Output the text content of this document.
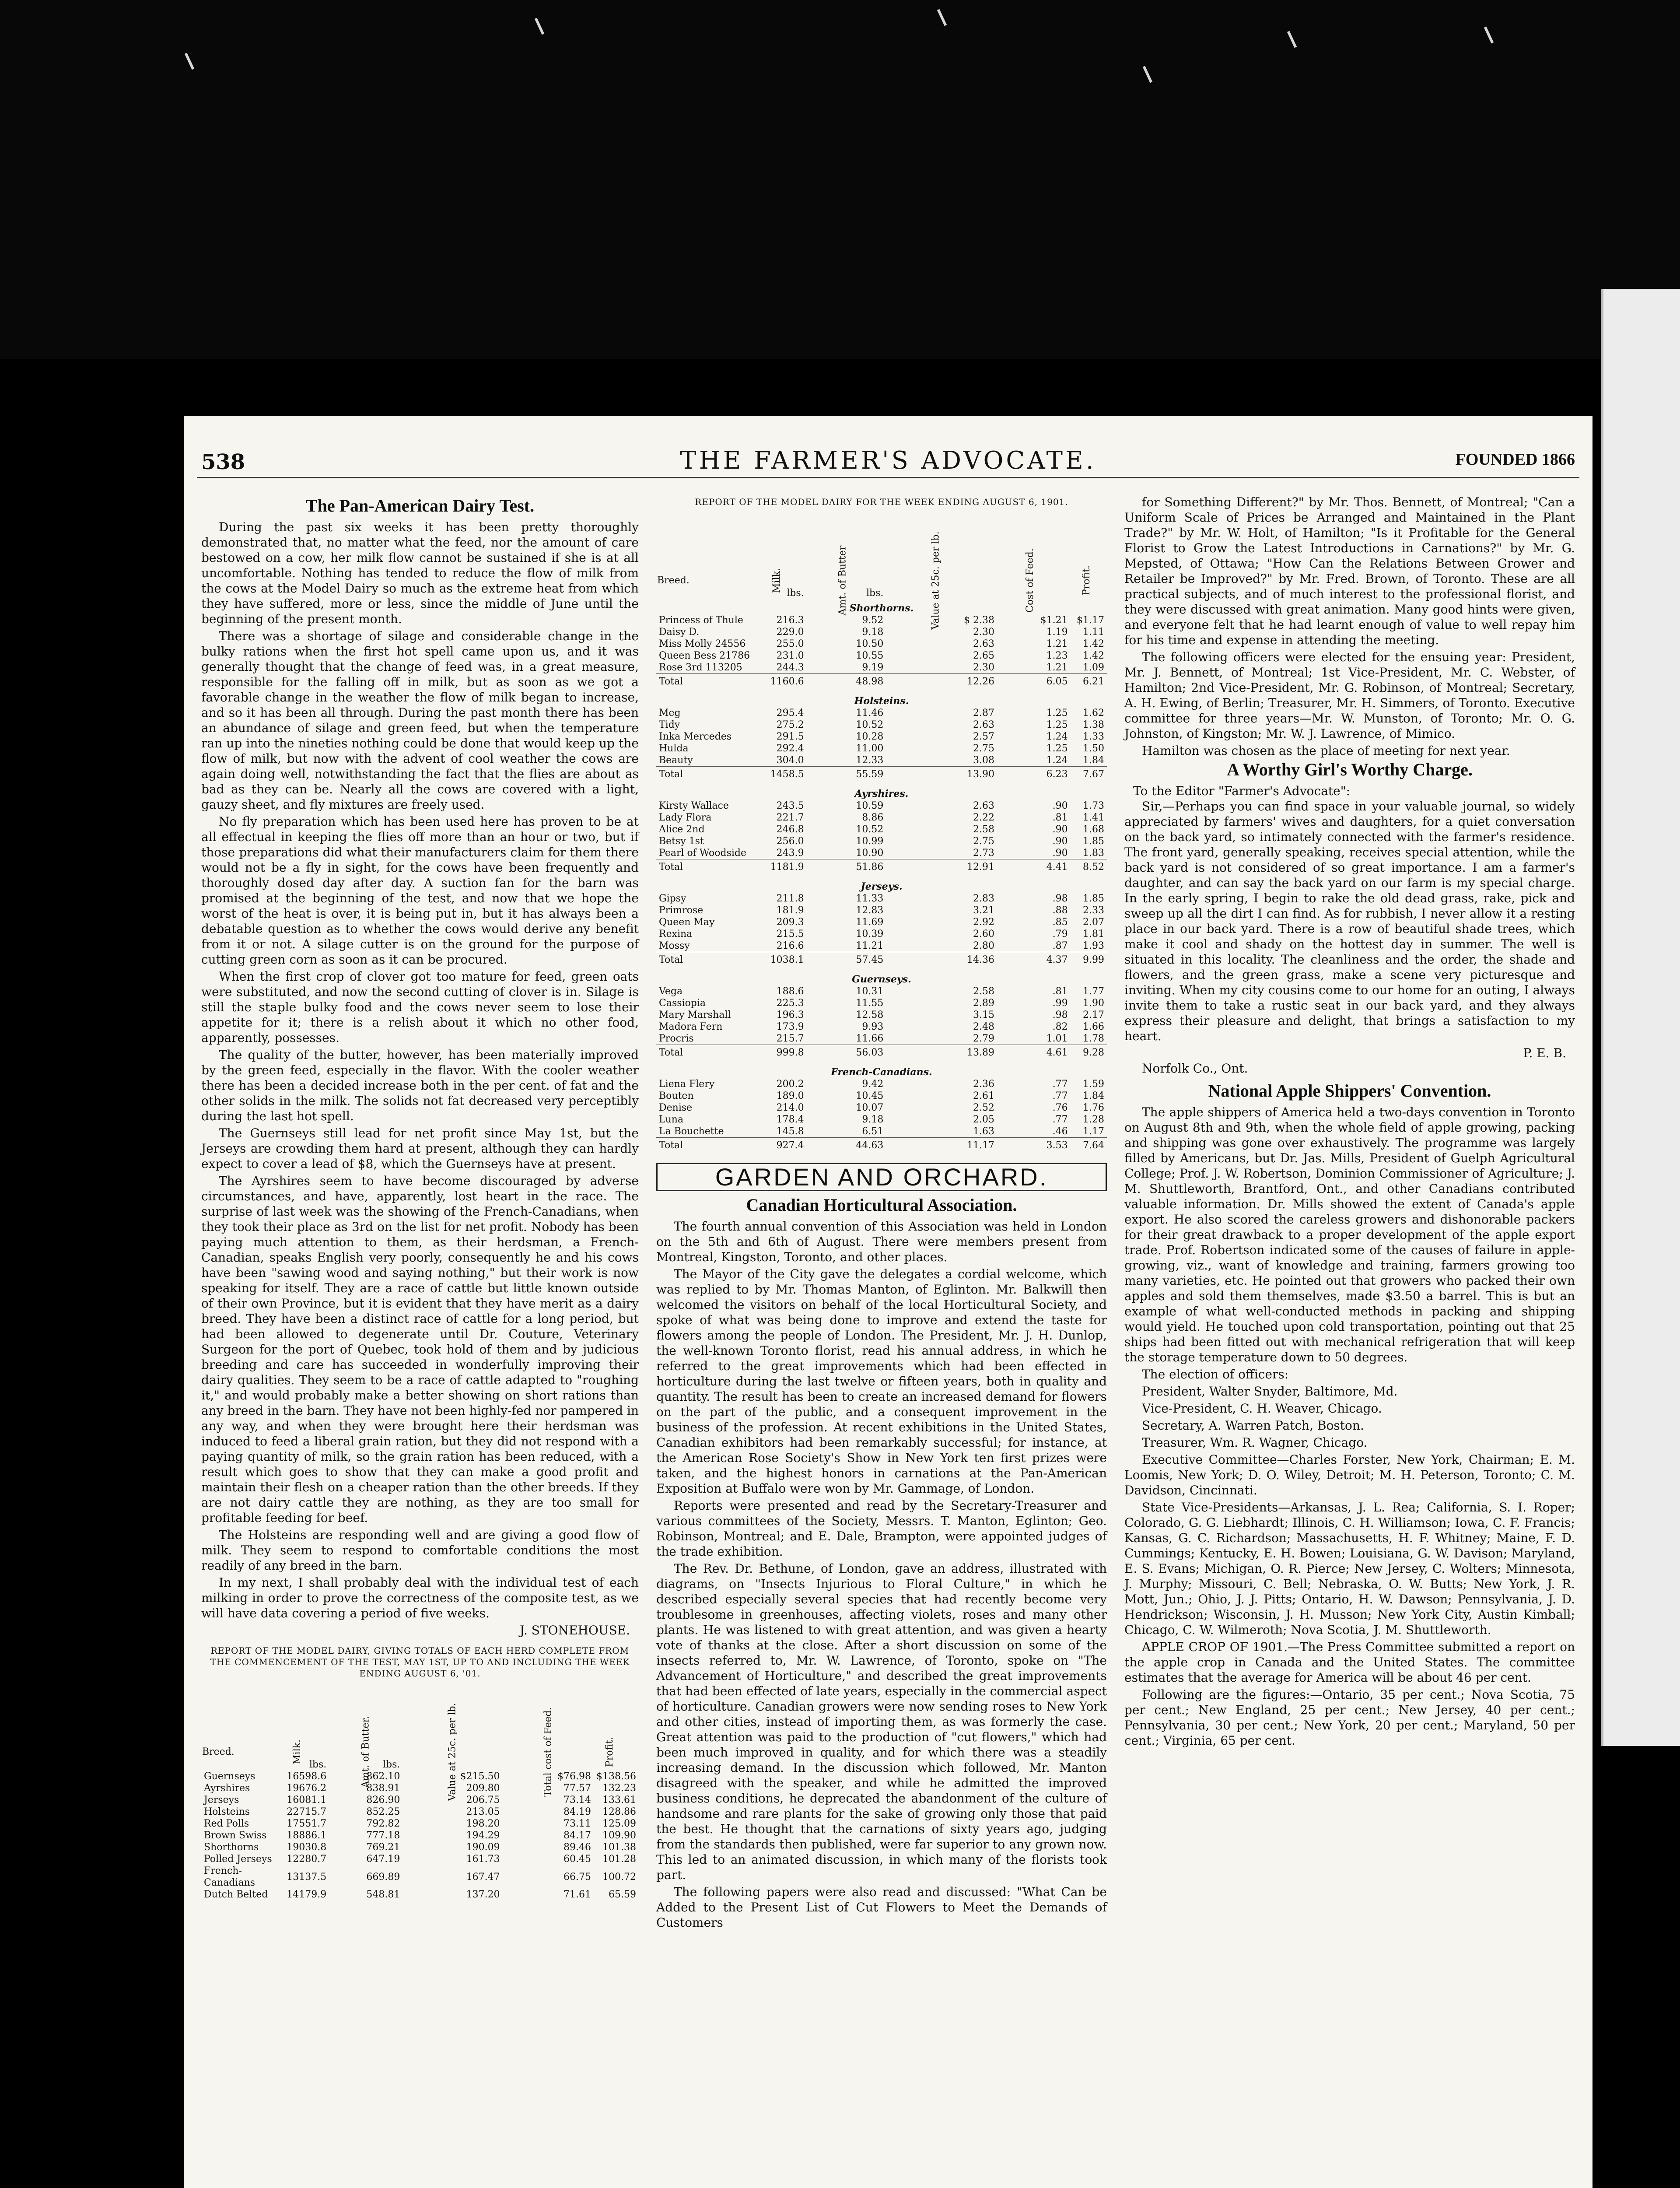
538	THE FARMER'S ADVOCATE.	FOUNDED 1866
The Pan-American Dairy Test.

During the past six weeks it has been pretty thoroughly demonstrated that, no matter what the feed, nor the amount of care bestowed on a cow, her milk flow cannot be sustained if she is at all uncomfortable. Nothing has tended to reduce the flow of milk from the cows at the Model Dairy so much as the extreme heat from which they have suffered, more or less, since the middle of June until the beginning of the present month.

There was a shortage of silage and considerable change in the bulky rations when the first hot spell came upon us, and it was generally thought that the change of feed was, in a great measure, responsible for the falling off in milk, but as soon as we got a favorable change in the weather the flow of milk began to increase, and so it has been all through. During the past month there has been an abundance of silage and green feed, but when the temperature ran up into the nineties nothing could be done that would keep up the flow of milk, but now with the advent of cool weather the cows are again doing well, notwithstanding the fact that the flies are about as bad as they can be. Nearly all the cows are covered with a light, gauzy sheet, and fly mixtures are freely used.

No fly preparation which has been used here has proven to be at all effectual in keeping the flies off more than an hour or two, but if those preparations did what their manufacturers claim for them there would not be a fly in sight, for the cows have been frequently and thoroughly dosed day after day. A suction fan for the barn was promised at the beginning of the test, and now that we hope the worst of the heat is over, it is being put in, but it has always been a debatable question as to whether the cows would derive any benefit from it or not. A silage cutter is on the ground for the purpose of cutting green corn as soon as it can be procured.

When the first crop of clover got too mature for feed, green oats were substituted, and now the second cutting of clover is in. Silage is still the staple bulky food and the cows never seem to lose their appetite for it; there is a relish about it which no other food, apparently, possesses.

The quality of the butter, however, has been materially improved by the green feed, especially in the flavor. With the cooler weather there has been a decided increase both in the per cent. of fat and the other solids in the milk. The solids not fat decreased very perceptibly during the last hot spell.

The Guernseys still lead for net profit since May 1st, but the Jerseys are crowding them hard at present, although they can hardly expect to cover a lead of $8, which the Guernseys have at present.

The Ayrshires seem to have become discouraged by adverse circumstances, and have, apparently, lost heart in the race. The surprise of last week was the showing of the French-Canadians, when they took their place as 3rd on the list for net profit. Nobody has been paying much attention to them, as their herdsman, a French-Canadian, speaks English very poorly, consequently he and his cows have been "sawing wood and saying nothing," but their work is now speaking for itself. They are a race of cattle but little known outside of their own Province, but it is evident that they have merit as a dairy breed. They have been a distinct race of cattle for a long period, but had been allowed to degenerate until Dr. Couture, Veterinary Surgeon for the port of Quebec, took hold of them and by judicious breeding and care has succeeded in wonderfully improving their dairy qualities. They seem to be a race of cattle adapted to "roughing it," and would probably make a better showing on short rations than any breed in the barn. They have not been highly-fed nor pampered in any way, and when they were brought here their herdsman was induced to feed a liberal grain ration, but they did not respond with a paying quantity of milk, so the grain ration has been reduced, with a result which goes to show that they can make a good profit and maintain their flesh on a cheaper ration than the other breeds. If they are not dairy cattle they are nothing, as they are too small for profitable feeding for beef.

The Holsteins are responding well and are giving a good flow of milk. They seem to respond to comfortable conditions the most readily of any breed in the barn.

In my next, I shall probably deal with the individual test of each milking in order to prove the correctness of the composite test, as we will have data covering a period of five weeks.

J. STONEHOUSE.
REPORT OF THE MODEL DAIRY, GIVING TOTALS OF EACH HERD COMPLETE FROM THE COMMENCEMENT OF THE TEST, MAY 1ST, UP TO AND INCLUDING THE WEEK ENDING AUGUST 6, '01.
Breed.	Milk.	Amt. of Butter.	Value at 25c. per lb.	Total cost of Feed.	Profit.
	lbs.	lbs.			
Guernseys	16598.6	862.10	$215.50	$76.98	$138.56
Ayrshires	19676.2	838.91	209.80	77.57	132.23
Jerseys	16081.1	826.90	206.75	73.14	133.61
Holsteins	22715.7	852.25	213.05	84.19	128.86
Red Polls	17551.7	792.82	198.20	73.11	125.09
Brown Swiss	18886.1	777.18	194.29	84.17	109.90
Shorthorns	19030.8	769.21	190.09	89.46	101.38
Polled Jerseys	12280.7	647.19	161.73	60.45	101.28
French-Canadians	13137.5	669.89	167.47	66.75	100.72
Dutch Belted	14179.9	548.81	137.20	71.61	65.59
REPORT OF THE MODEL DAIRY FOR THE WEEK ENDING AUGUST 6, 1901.
Breed.	Milk.	Amt. of Butter	Value at 25c. per lb.	Cost of Feed.	Profit.
	lbs.	lbs.			
Shorthorns.					
Princess of Thule	216.3	9.52	$ 2.38	$1.21	$1.17
Daisy D.	229.0	9.18	2.30	1.19	1.11
Miss Molly 24556	255.0	10.50	2.63	1.21	1.42
Queen Bess 21786	231.0	10.55	2.65	1.23	1.42
Rose 3rd 113205	244.3	9.19	2.30	1.21	1.09
Total	1160.6	48.98	12.26	6.05	6.21
Holsteins.					
Meg	295.4	11.46	2.87	1.25	1.62
Tidy	275.2	10.52	2.63	1.25	1.38
Inka Mercedes	291.5	10.28	2.57	1.24	1.33
Hulda	292.4	11.00	2.75	1.25	1.50
Beauty	304.0	12.33	3.08	1.24	1.84
Total	1458.5	55.59	13.90	6.23	7.67
Ayrshires.					
Kirsty Wallace	243.5	10.59	2.63	.90	1.73
Lady Flora	221.7	8.86	2.22	.81	1.41
Alice 2nd	246.8	10.52	2.58	.90	1.68
Betsy 1st	256.0	10.99	2.75	.90	1.85
Pearl of Woodside	243.9	10.90	2.73	.90	1.83
Total	1181.9	51.86	12.91	4.41	8.52
Jerseys.					
Gipsy	211.8	11.33	2.83	.98	1.85
Primrose	181.9	12.83	3.21	.88	2.33
Queen May	209.3	11.69	2.92	.85	2.07
Rexina	215.5	10.39	2.60	.79	1.81
Mossy	216.6	11.21	2.80	.87	1.93
Total	1038.1	57.45	14.36	4.37	9.99
Guernseys.					
Vega	188.6	10.31	2.58	.81	1.77
Cassiopia	225.3	11.55	2.89	.99	1.90
Mary Marshall	196.3	12.58	3.15	.98	2.17
Madora Fern	173.9	9.93	2.48	.82	1.66
Procris	215.7	11.66	2.79	1.01	1.78
Total	999.8	56.03	13.89	4.61	9.28
French-Canadians.					
Liena Flery	200.2	9.42	2.36	.77	1.59
Bouten	189.0	10.45	2.61	.77	1.84
Denise	214.0	10.07	2.52	.76	1.76
Luna	178.4	9.18	2.05	.77	1.28
La Bouchette	145.8	6.51	1.63	.46	1.17
Total	927.4	44.63	11.17	3.53	7.64
GARDEN AND ORCHARD.
Canadian Horticultural Association.

The fourth annual convention of this Association was held in London on the 5th and 6th of August. There were members present from Montreal, Kingston, Toronto, and other places.

The Mayor of the City gave the delegates a cordial welcome, which was replied to by Mr. Thomas Manton, of Eglinton. Mr. Balkwill then welcomed the visitors on behalf of the local Horticultural Society, and spoke of what was being done to improve and extend the taste for flowers among the people of London. The President, Mr. J. H. Dunlop, the well-known Toronto florist, read his annual address, in which he referred to the great improvements which had been effected in horticulture during the last twelve or fifteen years, both in quality and quantity. The result has been to create an increased demand for flowers on the part of the public, and a consequent improvement in the business of the profession. At recent exhibitions in the United States, Canadian exhibitors had been remarkably successful; for instance, at the American Rose Society's Show in New York ten first prizes were taken, and the highest honors in carnations at the Pan-American Exposition at Buffalo were won by Mr. Gammage, of London.

Reports were presented and read by the Secretary-Treasurer and various committees of the Society, Messrs. T. Manton, Eglinton; Geo. Robinson, Montreal; and E. Dale, Brampton, were appointed judges of the trade exhibition.

The Rev. Dr. Bethune, of London, gave an address, illustrated with diagrams, on "Insects Injurious to Floral Culture," in which he described especially several species that had recently become very troublesome in greenhouses, affecting violets, roses and many other plants. He was listened to with great attention, and was given a hearty vote of thanks at the close. After a short discussion on some of the insects referred to, Mr. W. Lawrence, of Toronto, spoke on "The Advancement of Horticulture," and described the great improvements that had been effected of late years, especially in the commercial aspect of horticulture. Canadian growers were now sending roses to New York and other cities, instead of importing them, as was formerly the case. Great attention was paid to the production of "cut flowers," which had been much improved in quality, and for which there was a steadily increasing demand. In the discussion which followed, Mr. Manton disagreed with the speaker, and while he admitted the improved business conditions, he deprecated the abandonment of the culture of handsome and rare plants for the sake of growing only those that paid the best. He thought that the carnations of sixty years ago, judging from the standards then published, were far superior to any grown now. This led to an animated discussion, in which many of the florists took part.

The following papers were also read and discussed: "What Can be Added to the Present List of Cut Flowers to Meet the Demands of Customers

for Something Different?" by Mr. Thos. Bennett, of Montreal; "Can a Uniform Scale of Prices be Arranged and Maintained in the Plant Trade?" by Mr. W. Holt, of Hamilton; "Is it Profitable for the General Florist to Grow the Latest Introductions in Carnations?" by Mr. G. Mepsted, of Ottawa; "How Can the Relations Between Grower and Retailer be Improved?" by Mr. Fred. Brown, of Toronto. These are all practical subjects, and of much interest to the professional florist, and they were discussed with great animation. Many good hints were given, and everyone felt that he had learnt enough of value to well repay him for his time and expense in attending the meeting.

The following officers were elected for the ensuing year: President, Mr. J. Bennett, of Montreal; 1st Vice-President, Mr. C. Webster, of Hamilton; 2nd Vice-President, Mr. G. Robinson, of Montreal; Secretary, A. H. Ewing, of Berlin; Treasurer, Mr. H. Simmers, of Toronto. Executive committee for three years—Mr. W. Munston, of Toronto; Mr. O. G. Johnston, of Kingston; Mr. W. J. Lawrence, of Mimico.

Hamilton was chosen as the place of meeting for next year.

A Worthy Girl's Worthy Charge.
To the Editor "Farmer's Advocate":

Sir,—Perhaps you can find space in your valuable journal, so widely appreciated by farmers' wives and daughters, for a quiet conversation on the back yard, so intimately connected with the farmer's residence. The front yard, generally speaking, receives special attention, while the back yard is not considered of so great importance. I am a farmer's daughter, and can say the back yard on our farm is my special charge. In the early spring, I begin to rake the old dead grass, rake, pick and sweep up all the dirt I can find. As for rubbish, I never allow it a resting place in our back yard. There is a row of beautiful shade trees, which make it cool and shady on the hottest day in summer. The well is situated in this locality. The cleanliness and the order, the shade and flowers, and the green grass, make a scene very picturesque and inviting. When my city cousins come to our home for an outing, I always invite them to take a rustic seat in our back yard, and they always express their pleasure and delight, that brings a satisfaction to my heart.

P. E. B.
Norfolk Co., Ont.
National Apple Shippers' Convention.

The apple shippers of America held a two-days convention in Toronto on August 8th and 9th, when the whole field of apple growing, packing and shipping was gone over exhaustively. The programme was largely filled by Americans, but Dr. Jas. Mills, President of Guelph Agricultural College; Prof. J. W. Robertson, Dominion Commissioner of Agriculture; J. M. Shuttleworth, Brantford, Ont., and other Canadians contributed valuable information. Dr. Mills showed the extent of Canada's apple export. He also scored the careless growers and dishonorable packers for their great drawback to a proper development of the apple export trade. Prof. Robertson indicated some of the causes of failure in apple-growing, viz., want of knowledge and training, farmers growing too many varieties, etc. He pointed out that growers who packed their own apples and sold them themselves, made $3.50 a barrel. This is but an example of what well-conducted methods in packing and shipping would yield. He touched upon cold transportation, pointing out that 25 ships had been fitted out with mechanical refrigeration that will keep the storage temperature down to 50 degrees.

The election of officers:

President, Walter Snyder, Baltimore, Md.

Vice-President, C. H. Weaver, Chicago.

Secretary, A. Warren Patch, Boston.

Treasurer, Wm. R. Wagner, Chicago.

Executive Committee—Charles Forster, New York, Chairman; E. M. Loomis, New York; D. O. Wiley, Detroit; M. H. Peterson, Toronto; C. M. Davidson, Cincinnati.

State Vice-Presidents—Arkansas, J. L. Rea; California, S. I. Roper; Colorado, G. G. Liebhardt; Illinois, C. H. Williamson; Iowa, C. F. Francis; Kansas, G. C. Richardson; Massachusetts, H. F. Whitney; Maine, F. D. Cummings; Kentucky, E. H. Bowen; Louisiana, G. W. Davison; Maryland, E. S. Evans; Michigan, O. R. Pierce; New Jersey, C. Wolters; Minnesota, J. Murphy; Missouri, C. Bell; Nebraska, O. W. Butts; New York, J. R. Mott, Jun.; Ohio, J. J. Pitts; Ontario, H. W. Dawson; Pennsylvania, J. D. Hendrickson; Wisconsin, J. H. Musson; New York City, Austin Kimball; Chicago, C. W. Wilmeroth; Nova Scotia, J. M. Shuttleworth.

APPLE CROP OF 1901.—The Press Committee submitted a report on the apple crop in Canada and the United States. The committee estimates that the average for America will be about 46 per cent.

Following are the figures:—Ontario, 35 per cent.; Nova Scotia, 75 per cent.; New England, 25 per cent.; New Jersey, 40 per cent.; Pennsylvania, 30 per cent.; New York, 20 per cent.; Maryland, 50 per cent.; Virginia, 65 per cent.
